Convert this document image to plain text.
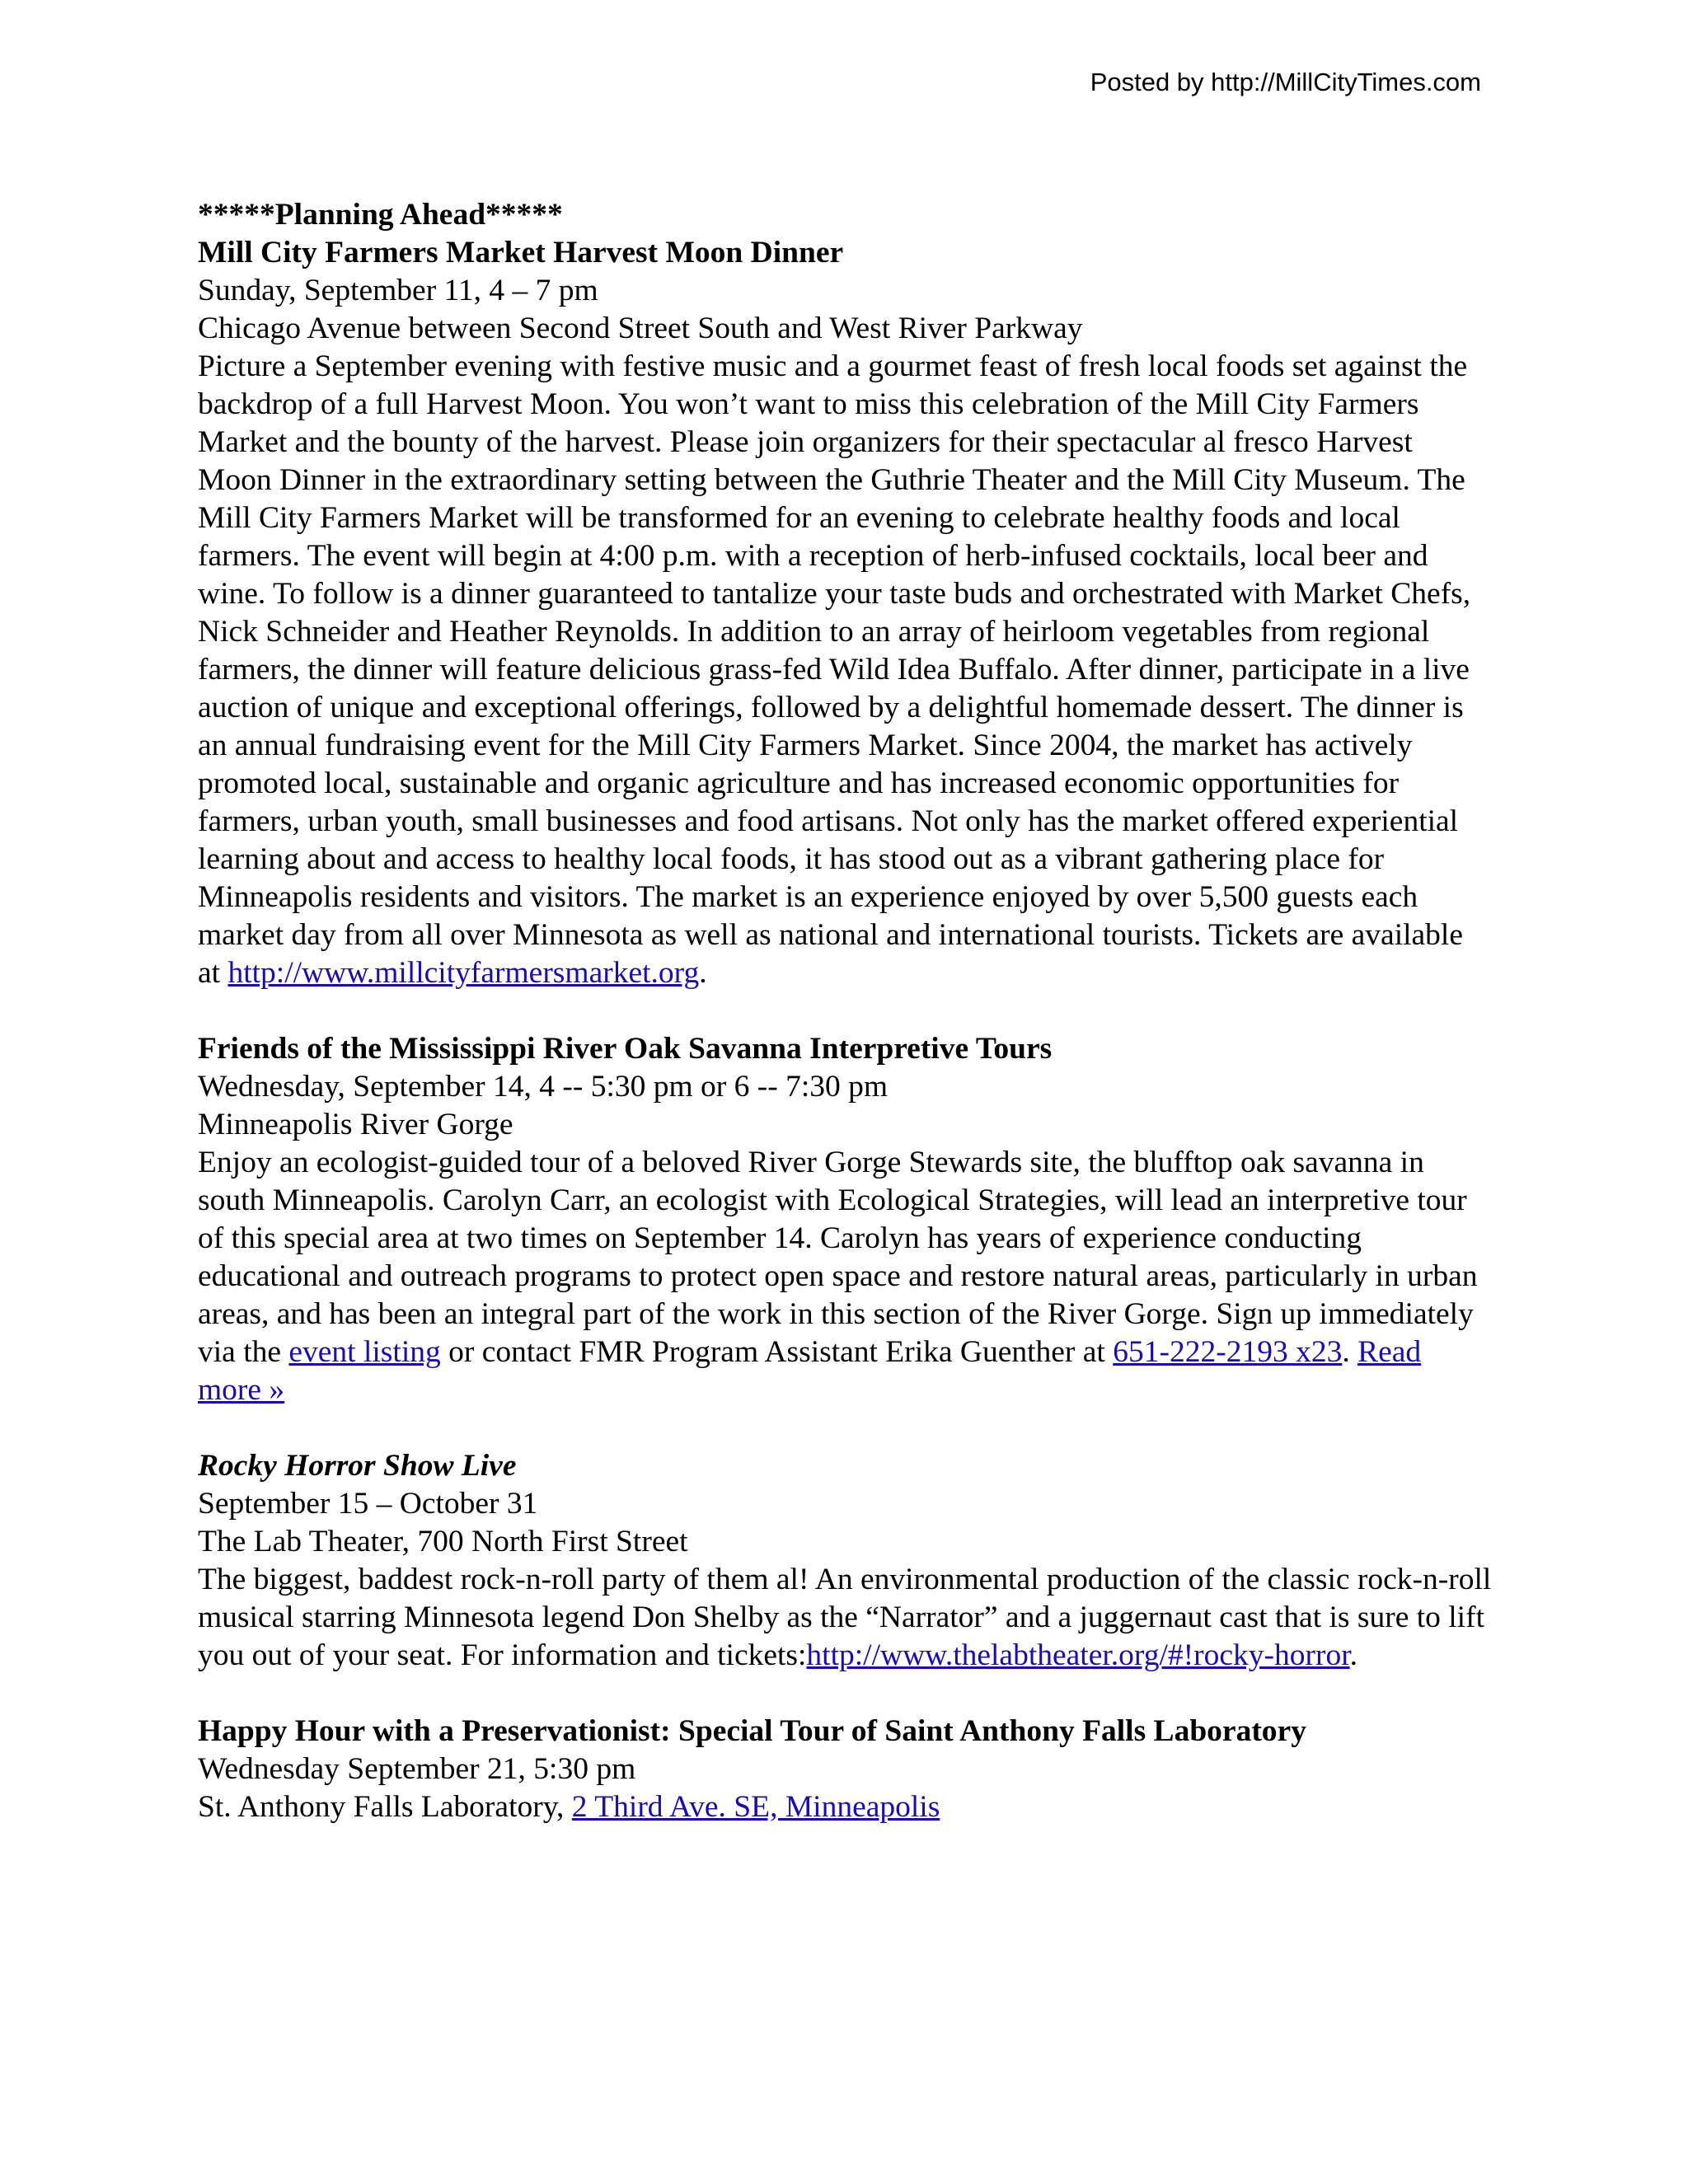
Posted by http://MillCityTimes.com
*****Planning Ahead*****
Mill City Farmers Market Harvest Moon Dinner
Sunday, September 11, 4 – 7 pm
Chicago Avenue between Second Street South and West River Parkway

Picture a September evening with festive music and a gourmet feast of fresh local foods set against the backdrop of a full Harvest Moon. You won’t want to miss this celebration of the Mill City Farmers Market and the bounty of the harvest. Please join organizers for their spectacular al fresco Harvest Moon Dinner in the extraordinary setting between the Guthrie Theater and the Mill City Museum. The Mill City Farmers Market will be transformed for an evening to celebrate healthy foods and local farmers. The event will begin at 4:00 p.m. with a reception of herb-infused cocktails, local beer and wine. To follow is a dinner guaranteed to tantalize your taste buds and orchestrated with Market Chefs, Nick Schneider and Heather Reynolds. In addition to an array of heirloom vegetables from regional farmers, the dinner will feature delicious grass-fed Wild Idea Buffalo. After dinner, participate in a live auction of unique and exceptional offerings, followed by a delightful homemade dessert. The dinner is an annual fundraising event for the Mill City Farmers Market. Since 2004, the market has actively promoted local, sustainable and organic agriculture and has increased economic opportunities for farmers, urban youth, small businesses and food artisans. Not only has the market offered experiential learning about and access to healthy local foods, it has stood out as a vibrant gathering place for Minneapolis residents and visitors. The market is an experience enjoyed by over 5,500 guests each market day from all over Minnesota as well as national and international tourists. Tickets are available at http://www.millcityfarmersmarket.org.

Friends of the Mississippi River Oak Savanna Interpretive Tours
Wednesday, September 14, 4 -- 5:30 pm or 6 -- 7:30 pm
Minneapolis River Gorge

Enjoy an ecologist-guided tour of a beloved River Gorge Stewards site, the blufftop oak savanna in south Minneapolis. Carolyn Carr, an ecologist with Ecological Strategies, will lead an interpretive tour of this special area at two times on September 14. Carolyn has years of experience conducting educational and outreach programs to protect open space and restore natural areas, particularly in urban areas, and has been an integral part of the work in this section of the River Gorge. Sign up immediately via the event listing or contact FMR Program Assistant Erika Guenther at 651-222-2193 x23. Read more »

Rocky Horror Show Live
September 15 – October 31
The Lab Theater, 700 North First Street

The biggest, baddest rock-n-roll party of them al! An environmental production of the classic rock-n-roll musical starring Minnesota legend Don Shelby as the “Narrator” and a juggernaut cast that is sure to lift you out of your seat. For information and tickets:http://www.thelabtheater.org/#!rocky-horror.

Happy Hour with a Preservationist: Special Tour of Saint Anthony Falls Laboratory
Wednesday September 21, 5:30 pm
St. Anthony Falls Laboratory, 2 Third Ave. SE, Minneapolis
